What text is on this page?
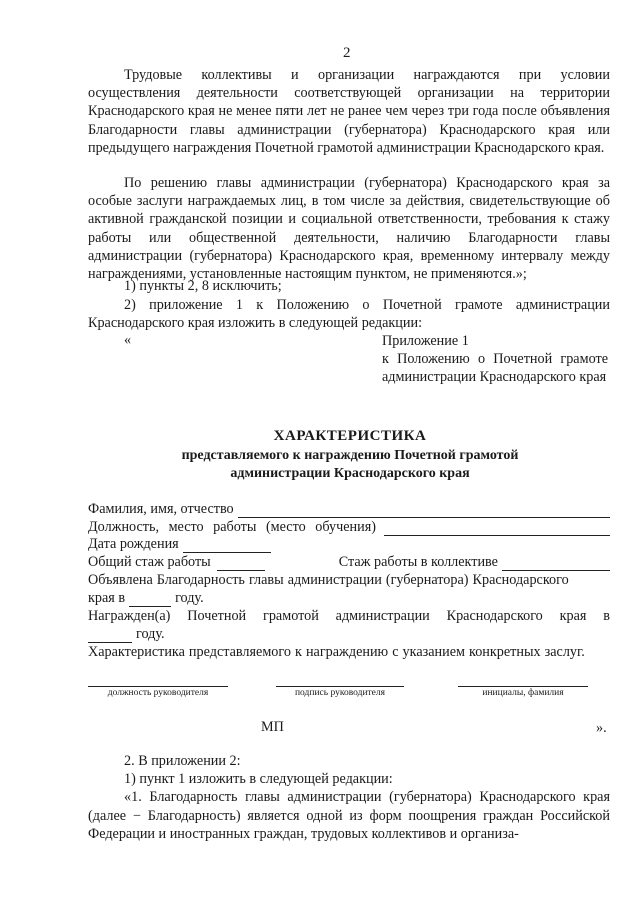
2

Трудовые коллективы и организации награждаются при условии осуществления деятельности соответствующей организации на территории Краснодарского края не менее пяти лет не ранее чем через три года после объявления Благодарности главы администрации (губернатора) Краснодарского края или предыдущего награждения Почетной грамотой администрации Краснодарского края.

По решению главы администрации (губернатора) Краснодарского края за особые заслуги награждаемых лиц, в том числе за действия, свидетельствующие об активной гражданской позиции и социальной ответственности, требования к стажу работы или общественной деятельности, наличию Благодарности главы администрации (губернатора) Краснодарского края, временному интервалу между награждениями, установленные настоящим пунктом, не применяются.»;

1) пункты 2, 8 исключить;

2) приложение 1 к Положению о Почетной грамоте администрации Краснодарского края изложить в следующей редакции:

«	Приложение 1
к Положению о Почетной грамоте администрации Краснодарского края
ХАРАКТЕРИСТИКА
представляемого к награждению Почетной грамотой
администрации Краснодарского края
Фамилия, имя, отчество
Должность, место работы (место обучения)
Дата рождения
Общий стаж работы	Стаж работы в коллективе
Объявлена Благодарность главы администрации (губернатора) Краснодарского
края в	году.
Награжден(а) Почетной грамотой администрации Краснодарского края в
году.
Характеристика представляемого к награждению с указанием конкретных заслуг.
должность руководителя	подпись руководителя	инициалы, фамилия
МП	».

2. В приложении 2:

1) пункт 1 изложить в следующей редакции:

«1. Благодарность главы администрации (губернатора) Краснодарского края (далее − Благодарность) является одной из форм поощрения граждан Российской Федерации и иностранных граждан, трудовых коллективов и организа-
